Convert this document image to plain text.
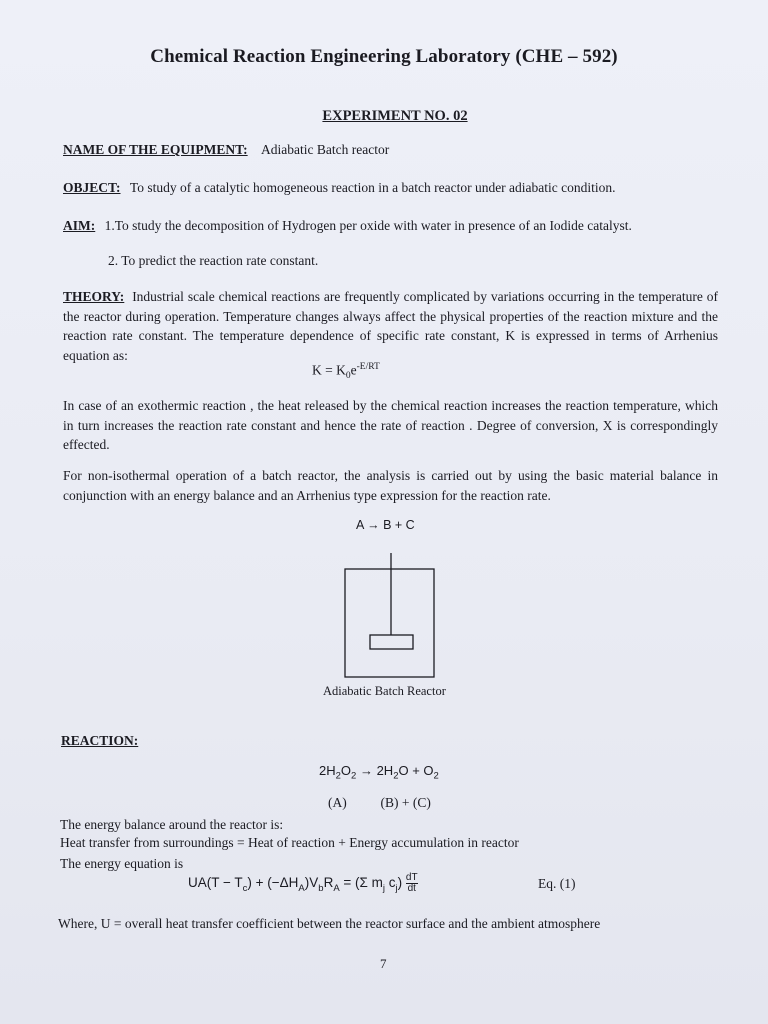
Chemical Reaction Engineering Laboratory (CHE – 592)
EXPERIMENT NO. 02
NAME OF THE EQUIPMENT: Adiabatic Batch reactor
OBJECT: To study of a catalytic homogeneous reaction in a batch reactor under adiabatic condition.
AIM: 1.To study the decomposition of Hydrogen per oxide with water in presence of an Iodide catalyst.
2. To predict the reaction rate constant.
THEORY: Industrial scale chemical reactions are frequently complicated by variations occurring in the temperature of the reactor during operation. Temperature changes always affect the physical properties of the reaction mixture and the reaction rate constant. The temperature dependence of specific rate constant, K is expressed in terms of Arrhenius equation as:
$K = K_0e^{-E/RT}$
In case of an exothermic reaction , the heat released by the chemical reaction increases the reaction temperature, which in turn increases the reaction rate constant and hence the rate of reaction . Degree of conversion, X is correspondingly effected.
For non-isothermal operation of a batch reactor, the analysis is carried out by using the basic material balance in conjunction with an energy balance and an Arrhenius type expression for the reaction rate.
A → B + C
Adiabatic Batch Reactor
REACTION:
$2H_2O_2 \to 2H_2O + O_2$
(A)          (B) + (C)
The energy balance around the reactor is:
Heat transfer from surroundings = Heat of reaction + Energy accumulation in reactor
The energy equation is
$UA(T - T_c) + (-\Delta H_A)V_bR_A = (\Sigma$ $m_j$ $c_j) \frac{dT}{dt}$	Eq. (1)
Where, U = overall heat transfer coefficient between the reactor surface and the ambient atmosphere
7
